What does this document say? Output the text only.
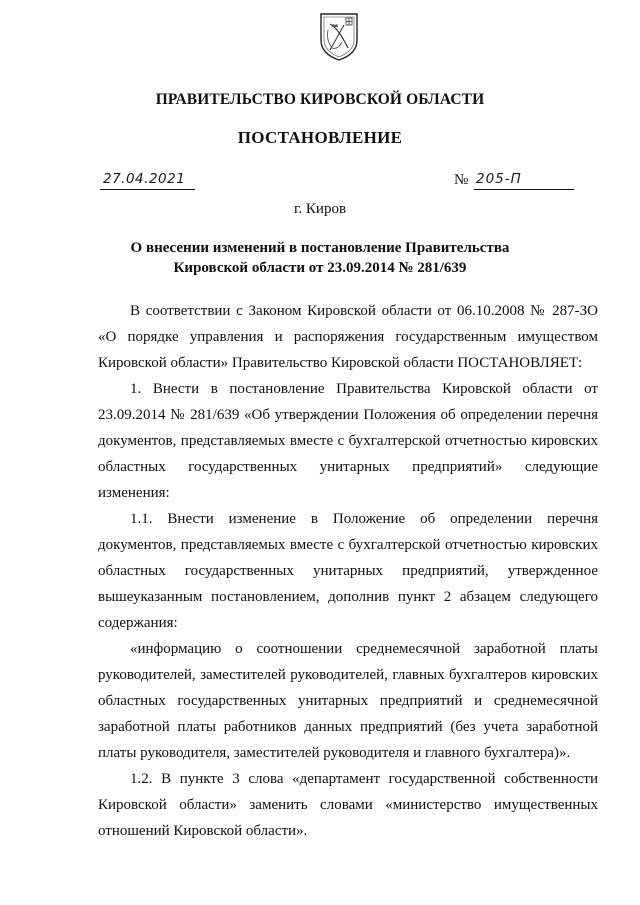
ПРАВИТЕЛЬСТВО КИРОВСКОЙ ОБЛАСТИ
ПОСТАНОВЛЕНИЕ
27.04.2021	№ 205-П
г. Киров
О внесении изменений в постановление Правительства
Кировской области от 23.09.2014 № 281/639
В соответствии с Законом Кировской области от 06.10.2008 № 287-ЗО «О порядке управления и распоряжения государственным имуществом Кировской области» Правительство Кировской области ПОСТАНОВЛЯЕТ:
1. Внести в постановление Правительства Кировской области от 23.09.2014 № 281/639 «Об утверждении Положения об определении перечня документов, представляемых вместе с бухгалтерской отчетностью кировских областных государственных унитарных предприятий» следующие изменения:
1.1. Внести изменение в Положение об определении перечня документов, представляемых вместе с бухгалтерской отчетностью кировских областных государственных унитарных предприятий, утвержденное вышеуказанным постановлением, дополнив пункт 2 абзацем следующего содержания:
«информацию о соотношении среднемесячной заработной платы руководителей, заместителей руководителей, главных бухгалтеров кировских областных государственных унитарных предприятий и среднемесячной заработной платы работников данных предприятий (без учета заработной платы руководителя, заместителей руководителя и главного бухгалтера)».
1.2. В пункте 3 слова «департамент государственной собственности Кировской области» заменить словами «министерство имущественных отношений Кировской области».
